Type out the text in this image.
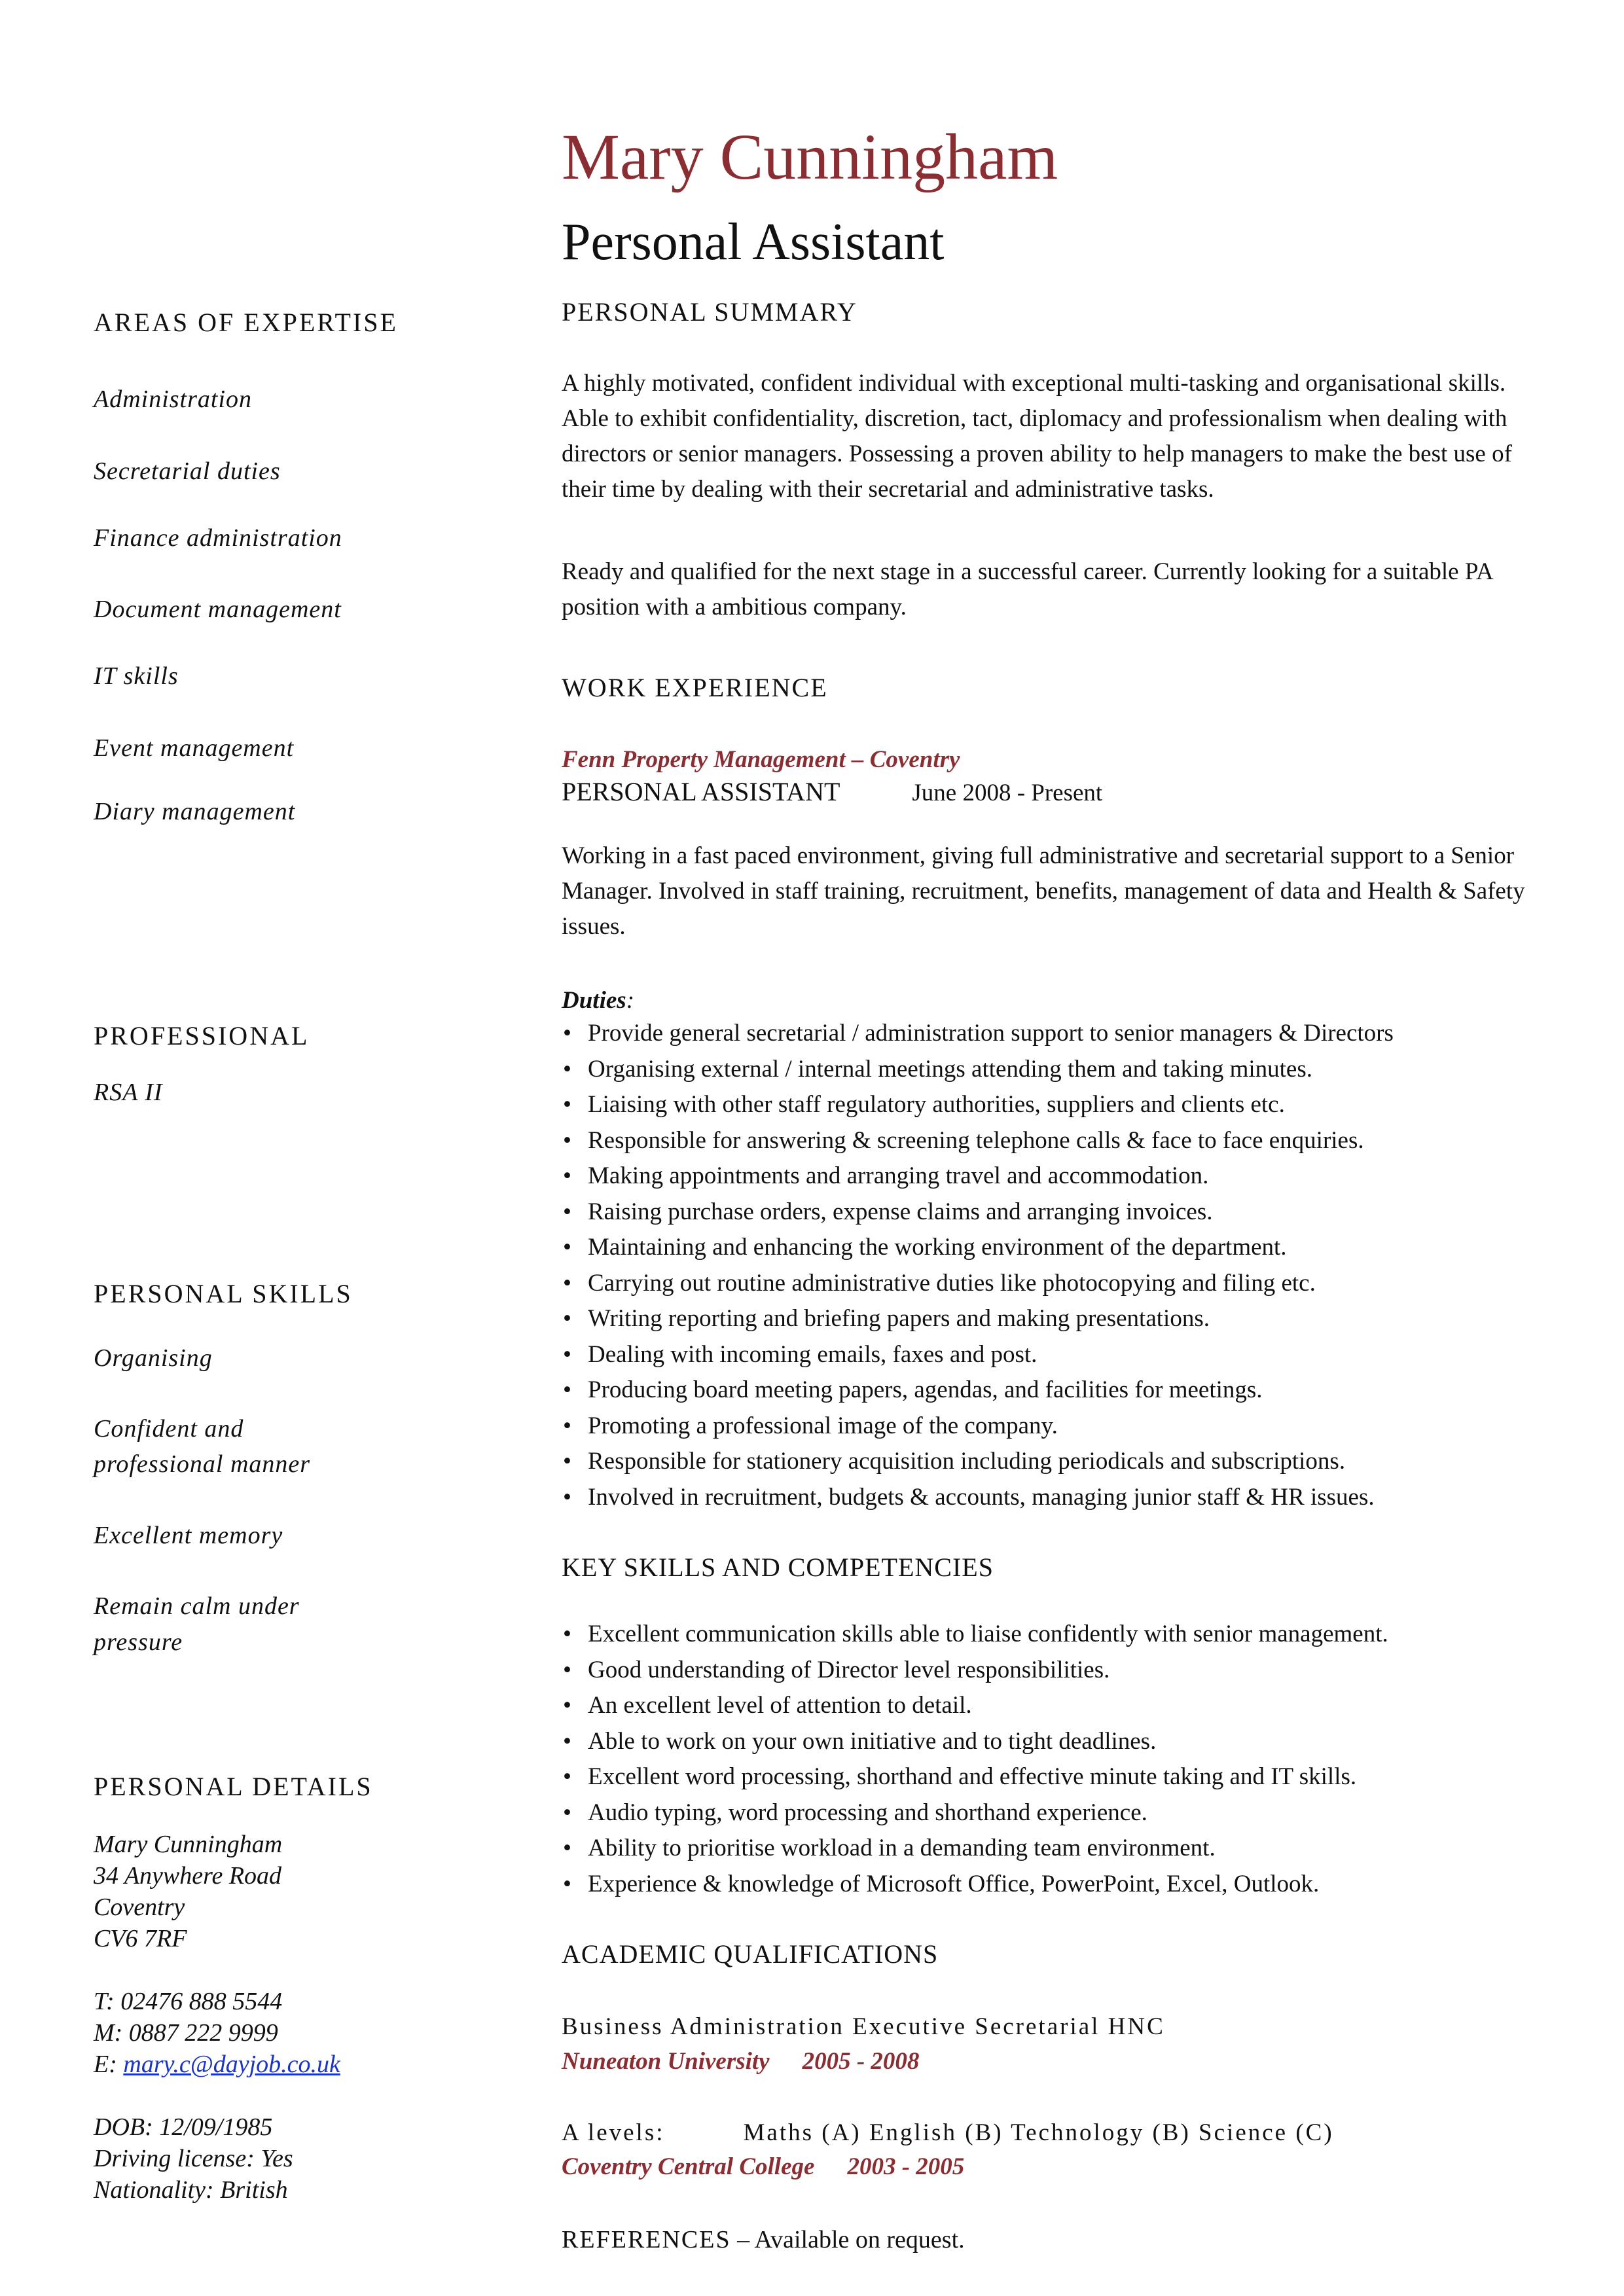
AREAS OF EXPERTISE
Administration
Secretarial duties
Finance administration
Document management
IT skills
Event management
Diary management
PROFESSIONAL
RSA II
PERSONAL SKILLS
Organising
Confident and
professional manner
Excellent memory
Remain calm under
pressure
PERSONAL DETAILS
Mary Cunningham
34 Anywhere Road
Coventry
CV6 7RF
T: 02476 888 5544
M: 0887 222 9999
E: mary.c@dayjob.co.uk
DOB: 12/09/1985
Driving license: Yes
Nationality: British
Mary Cunningham
Personal Assistant
PERSONAL SUMMARY
A highly motivated, confident individual with exceptional multi-tasking and organisational skills. Able to exhibit confidentiality, discretion, tact, diplomacy and professionalism when dealing with directors or senior managers. Possessing a proven ability to help managers to make the best use of their time by dealing with their secretarial and administrative tasks.
Ready and qualified for the next stage in a successful career. Currently looking for a suitable PA position with a ambitious company.
WORK EXPERIENCE
Fenn Property Management – Coventry
PERSONAL ASSISTANT	June 2008 - Present
Working in a fast paced environment, giving full administrative and secretarial support to a Senior Manager. Involved in staff training, recruitment, benefits, management of data and Health & Safety issues.
Duties:
• Provide general secretarial / administration support to senior managers & Directors
• Organising external / internal meetings attending them and taking minutes.
• Liaising with other staff regulatory authorities, suppliers and clients etc.
• Responsible for answering & screening telephone calls & face to face enquiries.
• Making appointments and arranging travel and accommodation.
• Raising purchase orders, expense claims and arranging invoices.
• Maintaining and enhancing the working environment of the department.
• Carrying out routine administrative duties like photocopying and filing etc.
• Writing reporting and briefing papers and making presentations.
• Dealing with incoming emails, faxes and post.
• Producing board meeting papers, agendas, and facilities for meetings.
• Promoting a professional image of the company.
• Responsible for stationery acquisition including periodicals and subscriptions.
• Involved in recruitment, budgets & accounts, managing junior staff & HR issues.
KEY SKILLS AND COMPETENCIES
• Excellent communication skills able to liaise confidently with senior management.
• Good understanding of Director level responsibilities.
• An excellent level of attention to detail.
• Able to work on your own initiative and to tight deadlines.
• Excellent word processing, shorthand and effective minute taking and IT skills.
• Audio typing, word processing and shorthand experience.
• Ability to prioritise workload in a demanding team environment.
• Experience & knowledge of Microsoft Office, PowerPoint, Excel, Outlook.
ACADEMIC QUALIFICATIONS
Business Administration Executive Secretarial HNC
Nuneaton University 2005 - 2008
A levels:	Maths (A) English (B) Technology (B) Science (C)
Coventry Central College 2003 - 2005
REFERENCES – Available on request.
